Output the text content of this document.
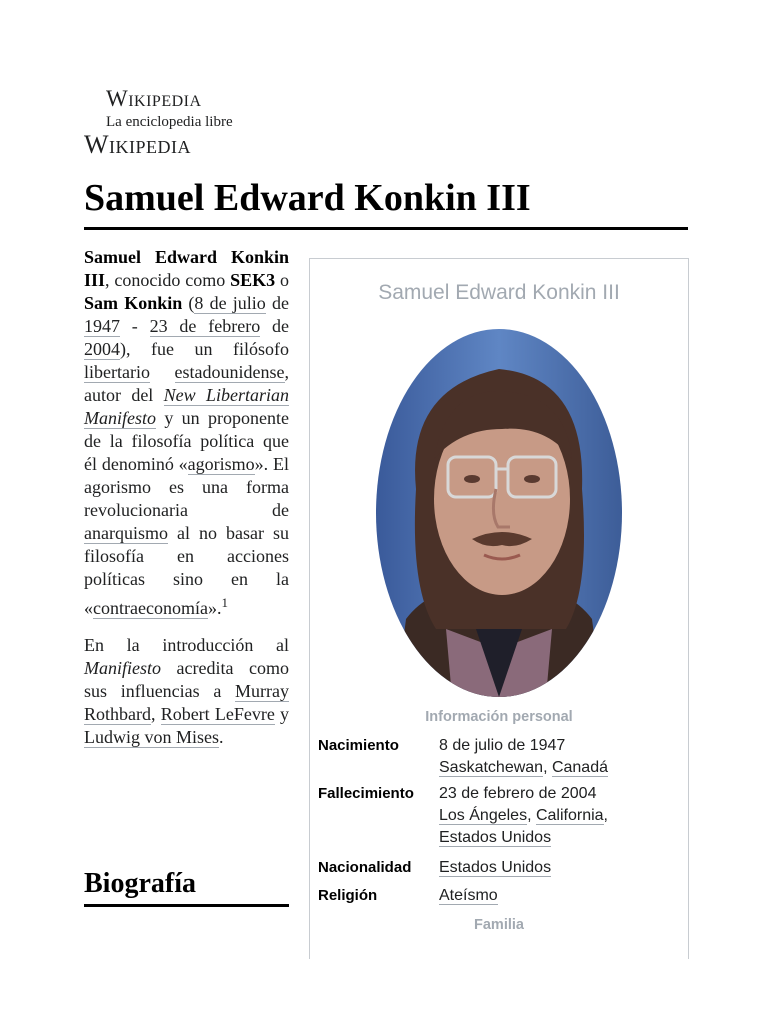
Wikipedia
La enciclopedia libre
Wikipedia
Samuel Edward Konkin III

Samuel Edward Konkin III, conocido como SEK3 o Sam Konkin (8 de julio de 1947 - 23 de febrero de 2004), fue un filósofo libertario estadounidense, autor del New Libertarian Manifesto y un proponente de la filosofía política que él denominó «agorismo». El agorismo es una forma revolucionaria de anarquismo al no basar su filosofía en acciones políticas sino en la «contraeconomía».$^1$

En la introducción al Manifiesto acredita como sus influencias a Murray Rothbard, Robert LeFevre y Ludwig von Mises.

Biografía
Samuel Edward Konkin III
Información personal
Nacimiento	8 de julio de 1947
Saskatchewan, Canadá
Fallecimiento 23 de febrero de 2004
Los Ángeles, California,
Estados Unidos
Nacionalidad Estados Unidos
Religión	Ateísmo
Familia
